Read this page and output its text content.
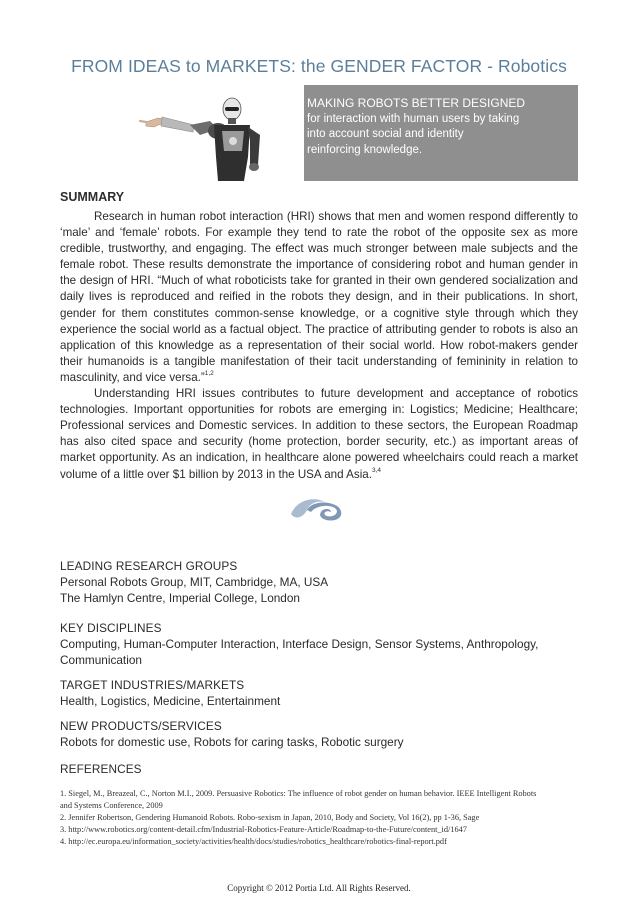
FROM IDEAS to MARKETS: the GENDER FACTOR - Robotics
MAKING ROBOTS BETTER DESIGNED
for interaction with human users by taking
into account social and identity
reinforcing knowledge.
SUMMARY

Research in human robot interaction (HRI) shows that men and women respond differently to ‘male’ and ‘female’ robots. For example they tend to rate the robot of the opposite sex as more credible, trustworthy, and engaging. The effect was much stronger between male subjects and the female robot. These results demonstrate the importance of considering robot and human gender in the design of HRI. “Much of what roboticists take for granted in their own gendered socialization and daily lives is reproduced and reified in the robots they design, and in their publications. In short, gender for them constitutes common-sense knowledge, or a cognitive style through which they experience the social world as a factual object. The practice of attributing gender to robots is also an application of this knowledge as a representation of their social world. How robot-makers gender their humanoids is a tangible manifestation of their tacit understanding of femininity in relation to masculinity, and vice versa.”$^{1,2}$

Understanding HRI issues contributes to future development and acceptance of robotics technologies. Important opportunities for robots are emerging in: Logistics; Medicine; Healthcare; Professional services and Domestic services. In addition to these sectors, the European Roadmap has also cited space and security (home protection, border security, etc.) as important areas of market opportunity. As an indication, in healthcare alone powered wheelchairs could reach a market volume of a little over $1 billion by 2013 in the USA and Asia.$^{3,4}$

LEADING RESEARCH GROUPS
Personal Robots Group, MIT, Cambridge, MA, USA
The Hamlyn Centre, Imperial College, London
KEY DISCIPLINES
Computing, Human-Computer Interaction, Interface Design, Sensor Systems, Anthropology,
Communication
TARGET INDUSTRIES/MARKETS
Health, Logistics, Medicine, Entertainment
NEW PRODUCTS/SERVICES
Robots for domestic use, Robots for caring tasks, Robotic surgery
REFERENCES
1. Siegel, M., Breazeal, C., Norton M.I., 2009. Persuasive Robotics: The influence of robot gender on human behavior. IEEE Intelligent Robots
and Systems Conference, 2009
2. Jennifer Robertson, Gendering Humanoid Robots. Robo-sexism in Japan, 2010, Body and Society, Vol 16(2), pp 1-36, Sage
3. http://www.robotics.org/content-detail.cfm/Industrial-Robotics-Feature-Article/Roadmap-to-the-Future/content_id/1647
4. http://ec.europa.eu/information_society/activities/health/docs/studies/robotics_healthcare/robotics-final-report.pdf
Copyright © 2012 Portia Ltd. All Rights Reserved.
